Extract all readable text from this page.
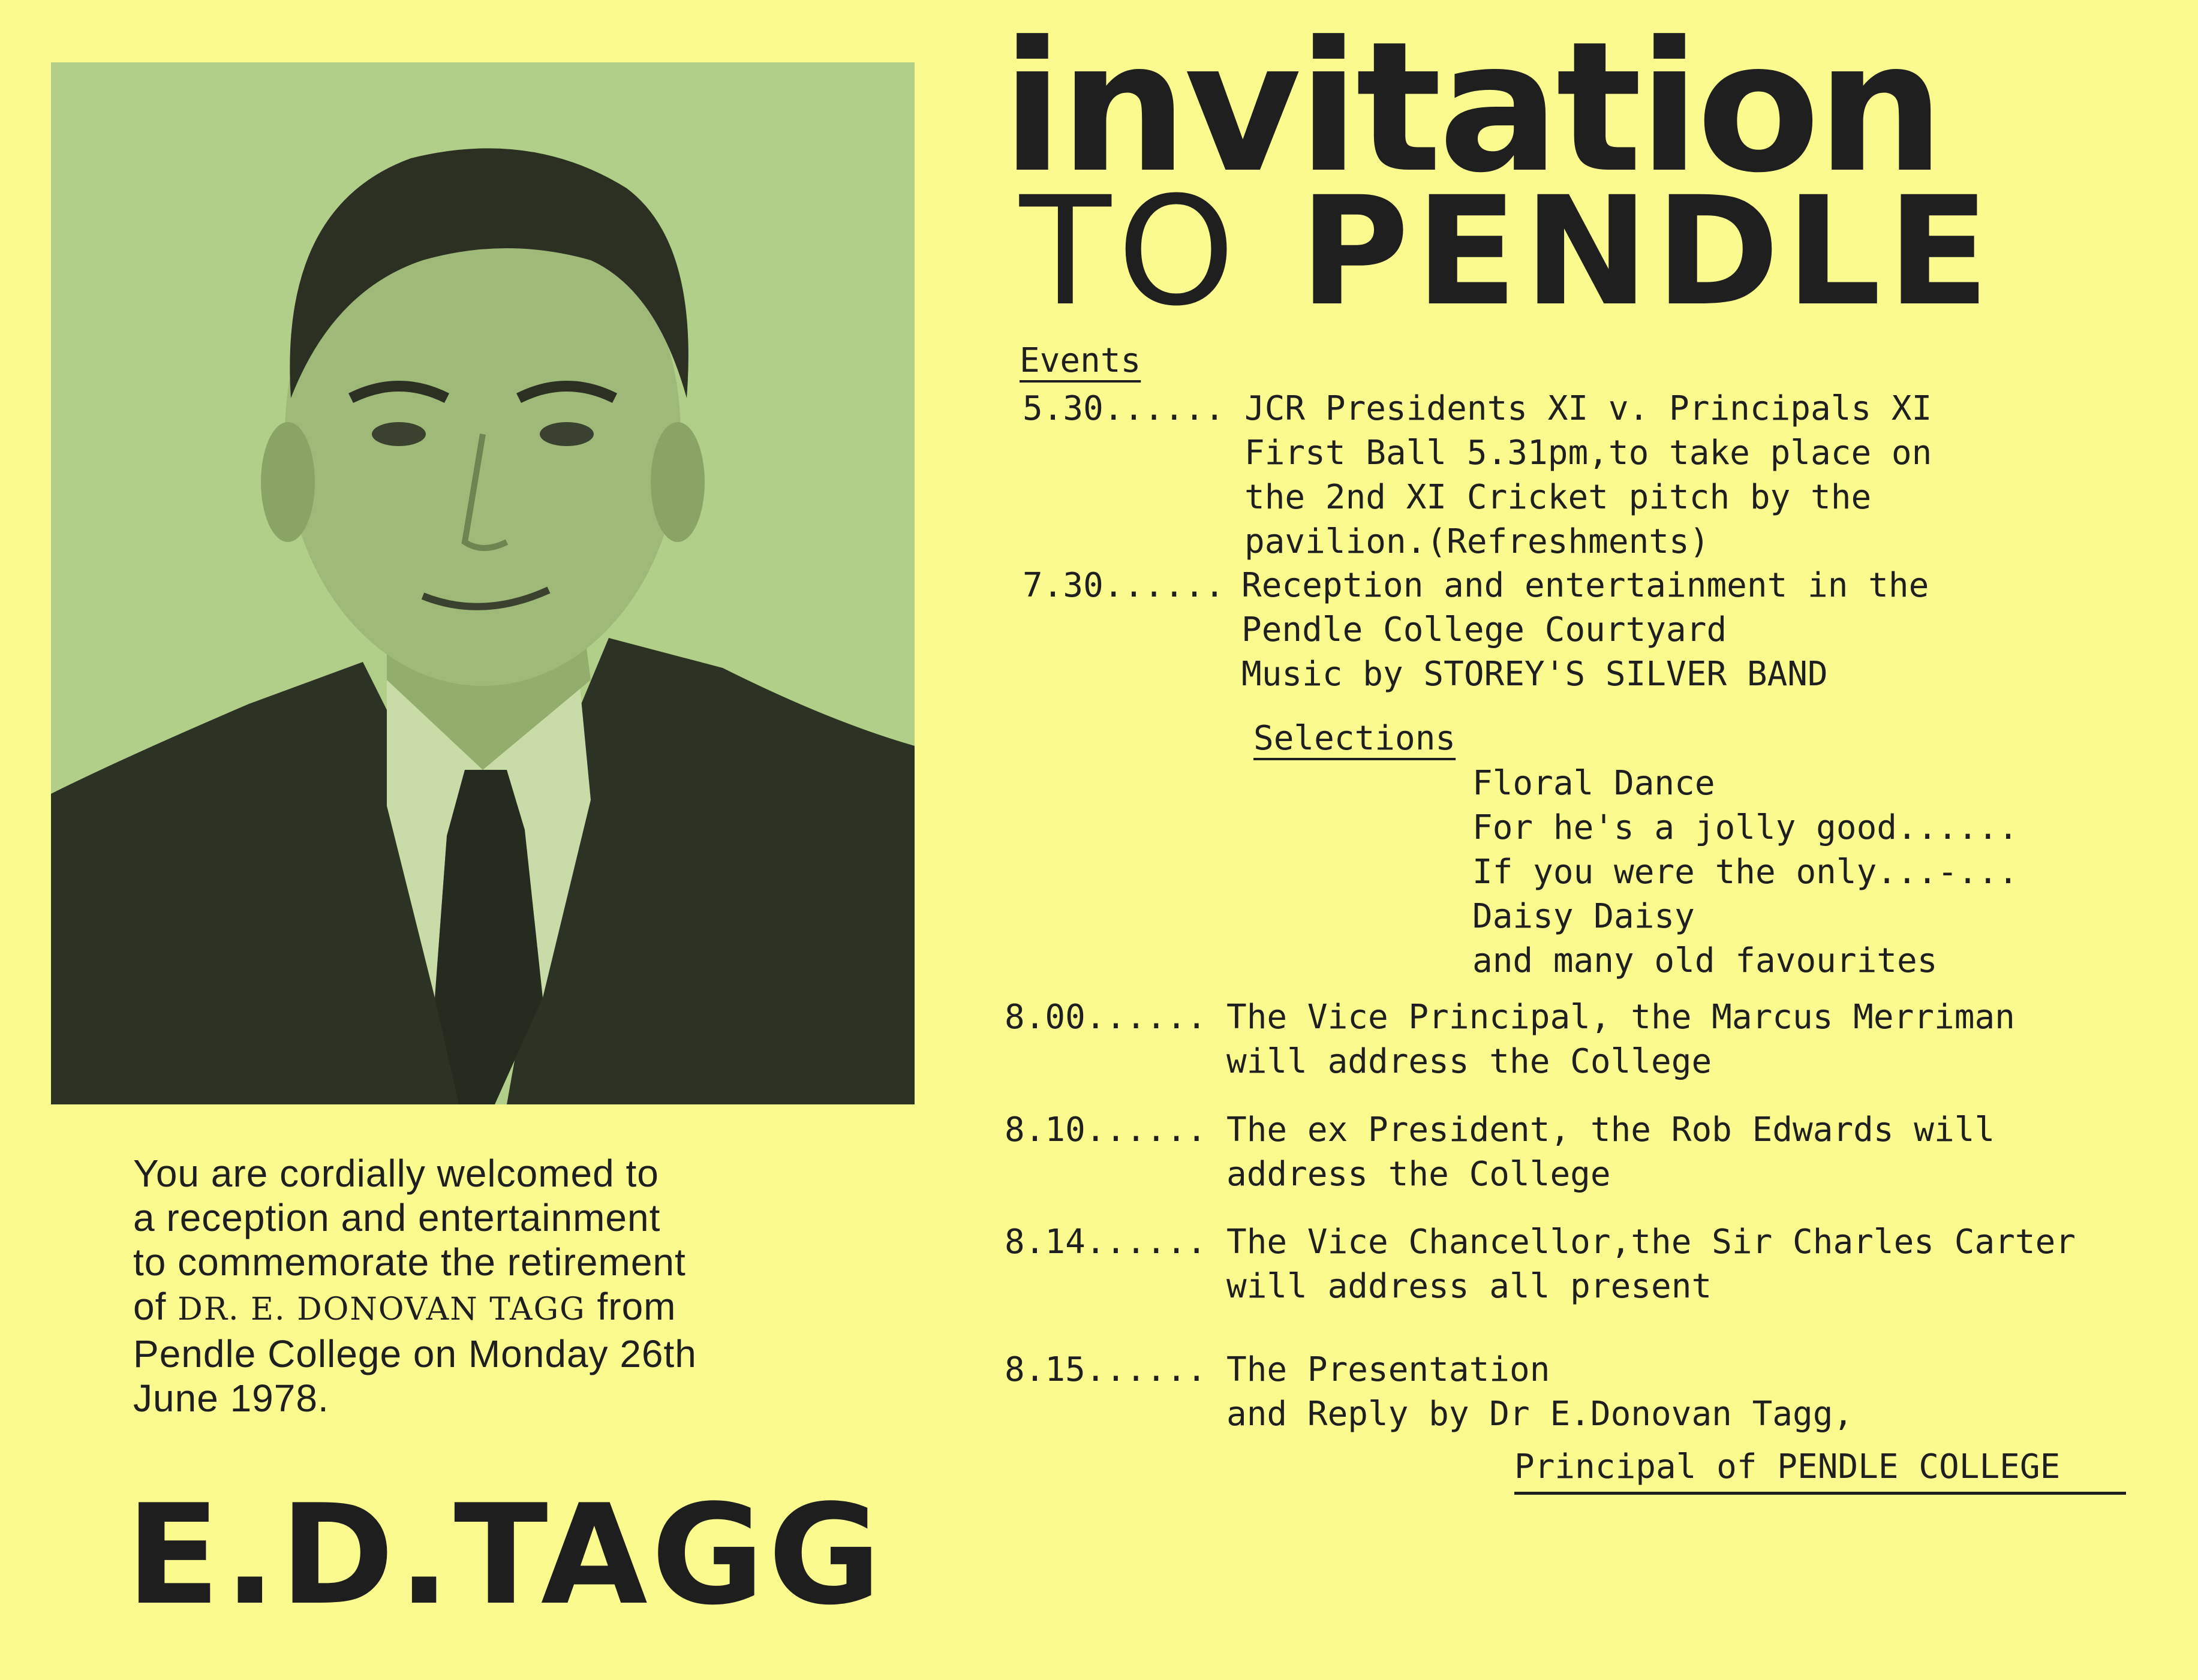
You are cordially welcomed to
a reception and entertainment
to commemorate the retirement
of DR. E. DONOVAN TAGG from
Pendle College on Monday 26th
June 1978.
E.D.TAGG
invitation
TO PENDLE
Events
5.30...... JCR Presidents XI v. Principals XI
First Ball 5.31pm,to take place on
the 2nd XI Cricket pitch by the
pavilion.(Refreshments)
7.30...... Reception and entertainment in the
Pendle College Courtyard
Music by STOREY'S SILVER BAND
Selections
Floral Dance
For he's a jolly good......
If you were the only...-...
Daisy Daisy
and many old favourites
8.00...... The Vice Principal, the Marcus Merriman
will address the College
8.10...... The ex President, the Rob Edwards will
address the College
8.14...... The Vice Chancellor,the Sir Charles Carter
will address all present
8.15...... The Presentation
and Reply by Dr E.Donovan Tagg,
Principal of PENDLE COLLEGE
